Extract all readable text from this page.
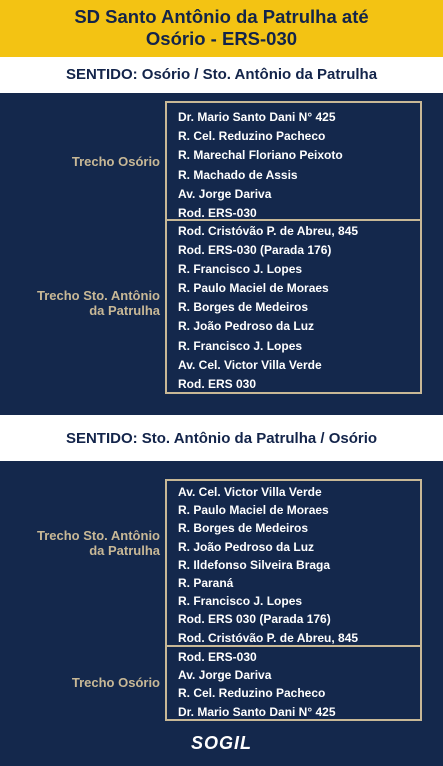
SD Santo Antônio da Patrulha até
Osório - ERS-030
SENTIDO: Osório / Sto. Antônio da Patrulha
Trecho Osório
Dr. Mario Santo Dani N° 425
R. Cel. Reduzino Pacheco
R. Marechal Floriano Peixoto
R. Machado de Assis
Av. Jorge Dariva
Rod. ERS-030
Trecho Sto. Antônio
da Patrulha
Rod. Cristóvão P. de Abreu, 845
Rod. ERS-030 (Parada 176)
R. Francisco J. Lopes
R. Paulo Maciel de Moraes
R. Borges de Medeiros
R. João Pedroso da Luz
R. Francisco J. Lopes
Av. Cel. Victor Villa Verde
Rod. ERS 030
SENTIDO: Sto. Antônio da Patrulha / Osório
Trecho Sto. Antônio
da Patrulha
Av. Cel. Victor Villa Verde
R. Paulo Maciel de Moraes
R. Borges de Medeiros
R. João Pedroso da Luz
R. Ildefonso Silveira Braga
R. Paraná
R. Francisco J. Lopes
Rod. ERS 030 (Parada 176)
Rod. Cristóvão P. de Abreu, 845
Trecho Osório
Rod. ERS-030
Av. Jorge Dariva
R. Cel. Reduzino Pacheco
Dr. Mario Santo Dani N° 425
SOGIL
